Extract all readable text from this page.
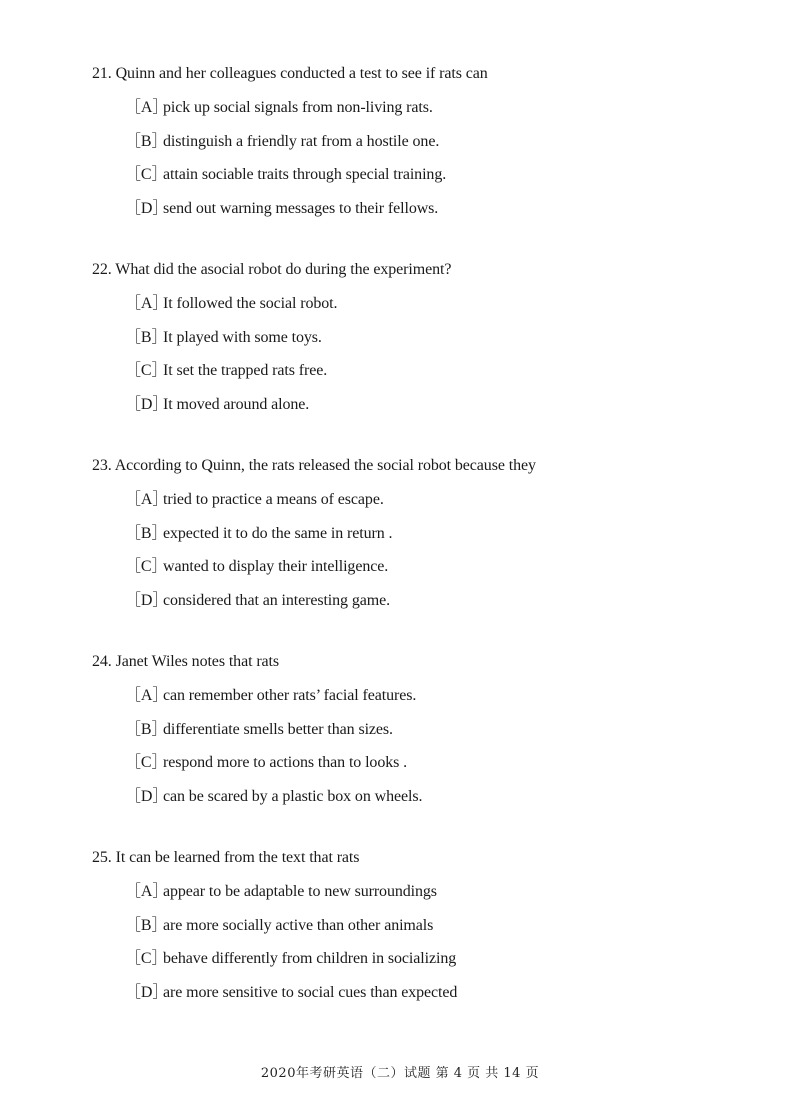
21. Quinn and her colleagues conducted a test to see if rats can
［A］
pick up social signals from non-living rats.
［B］
distinguish a friendly rat from a hostile one.
［C］
attain sociable traits through special training.
［D］
send out warning messages to their fellows.
22. What did the asocial robot do during the experiment?
［A］
It followed the social robot.
［B］
It played with some toys.
［C］
It set the trapped rats free.
［D］
It moved around alone.
23. According to Quinn, the rats released the social robot because they
［A］
tried to practice a means of escape.
［B］
expected it to do the same in return .
［C］
wanted to display their intelligence.
［D］
considered that an interesting game.
24. Janet Wiles notes that rats
［A］
can remember other rats’ facial features.
［B］
differentiate smells better than sizes.
［C］
respond more to actions than to looks .
［D］
can be scared by a plastic box on wheels.
25. It can be learned from the text that rats
［A］
appear to be adaptable to new surroundings
［B］
are more socially active than other animals
［C］
behave differently from children in socializing
［D］
are more sensitive to social cues than expected
2020年考研英语（二）试题 第 4 页 共 14 页
